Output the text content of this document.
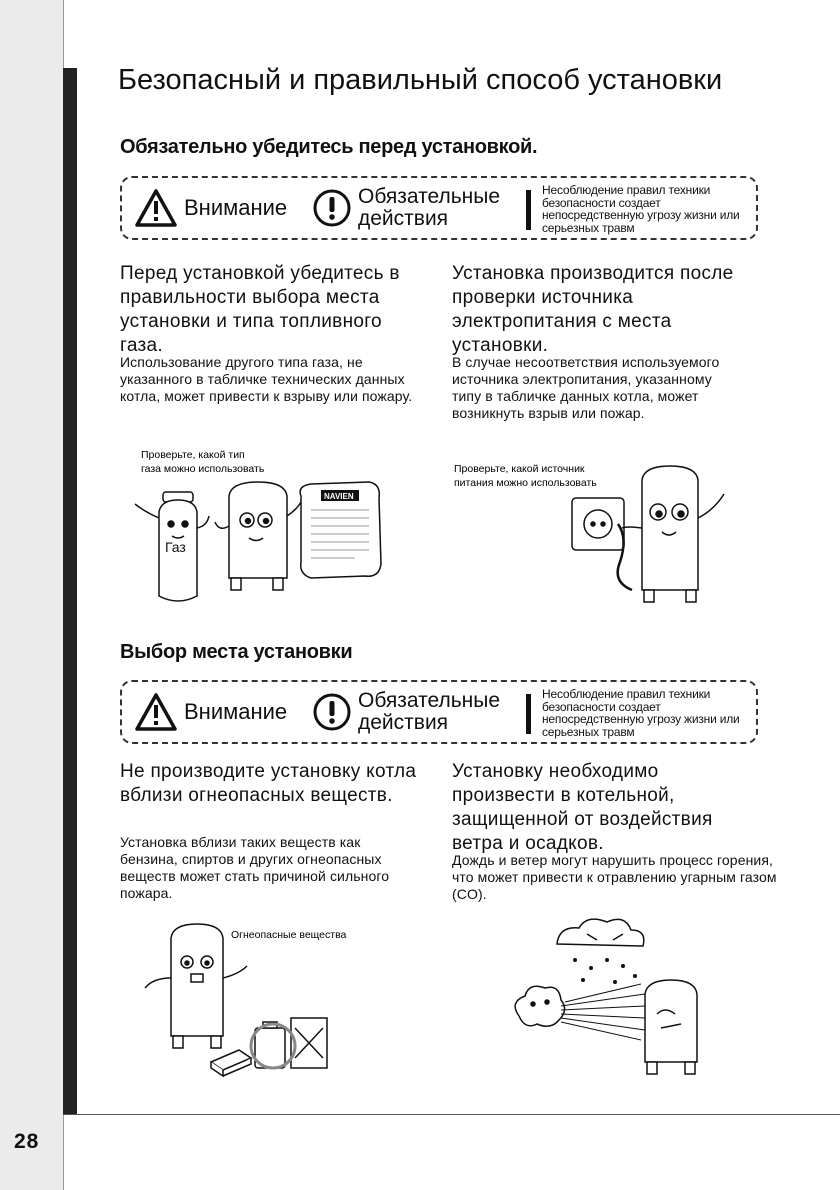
28
Безопасный и правильный способ установки
Обязательно убедитесь перед установкой.
Внимание	Обязательные
действия
Несоблюдение правил техники безопасности создает непосредственную угрозу жизни или серьезных травм

Перед установкой убедитесь в правильности выбора места установки и типа топливного газа.

Использование другого типа газа, не указанного в табличке технических данных котла, может привести к взрыву или пожару.

Установка производится после проверки источника электропитания с места установки.

В случае несоответствия используемого источника электропитания, указанному типу в табличке данных котла, может возникнуть взрыв или пожар.

Проверьте, какой тип
газа можно использовать
Газ
NAVIEN
Проверьте, какой источник
питания можно использовать
Выбор места установки
Внимание	Обязательные
действия
Несоблюдение правил техники безопасности создает непосредственную угрозу жизни или серьезных травм

Не производите установку котла вблизи огнеопасных веществ.

Установка вблизи таких веществ как бензина, спиртов и других огнеопасных веществ может стать причиной сильного пожара.

Установку необходимо произвести в котельной, защищенной от воздействия ветра и осадков.

Дождь и ветер могут нарушить процесс горения, что может привести к отравлению угарным газом (CO).

Огнеопасные вещества
